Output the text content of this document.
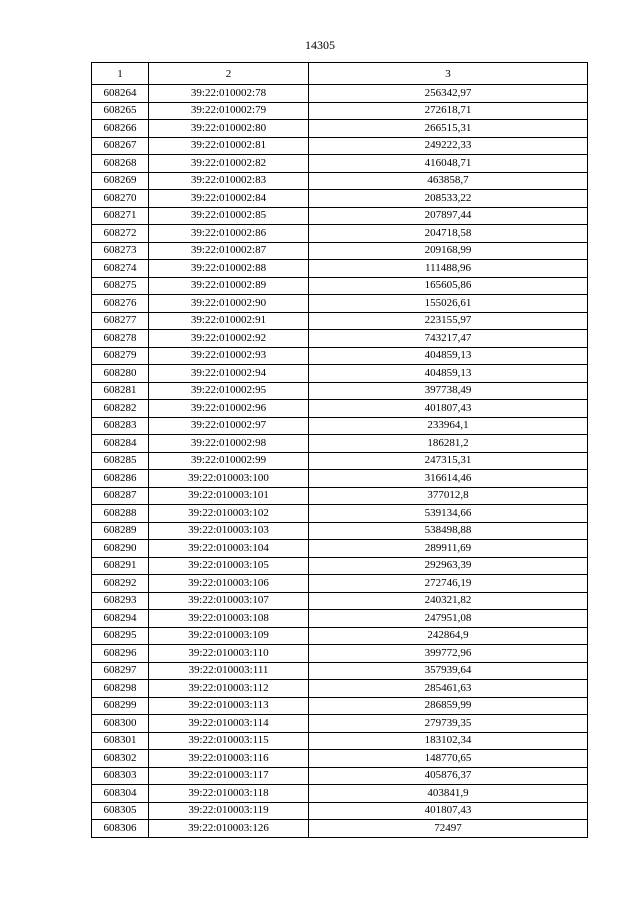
14305
1	2	3
608264	39:22:010002:78	256342,97
608265	39:22:010002:79	272618,71
608266	39:22:010002:80	266515,31
608267	39:22:010002:81	249222,33
608268	39:22:010002:82	416048,71
608269	39:22:010002:83	463858,7
608270	39:22:010002:84	208533,22
608271	39:22:010002:85	207897,44
608272	39:22:010002:86	204718,58
608273	39:22:010002:87	209168,99
608274	39:22:010002:88	111488,96
608275	39:22:010002:89	165605,86
608276	39:22:010002:90	155026,61
608277	39:22:010002:91	223155,97
608278	39:22:010002:92	743217,47
608279	39:22:010002:93	404859,13
608280	39:22:010002:94	404859,13
608281	39:22:010002:95	397738,49
608282	39:22:010002:96	401807,43
608283	39:22:010002:97	233964,1
608284	39:22:010002:98	186281,2
608285	39:22:010002:99	247315,31
608286	39:22:010003:100	316614,46
608287	39:22:010003:101	377012,8
608288	39:22:010003:102	539134,66
608289	39:22:010003:103	538498,88
608290	39:22:010003:104	289911,69
608291	39:22:010003:105	292963,39
608292	39:22:010003:106	272746,19
608293	39:22:010003:107	240321,82
608294	39:22:010003:108	247951,08
608295	39:22:010003:109	242864,9
608296	39:22:010003:110	399772,96
608297	39:22:010003:111	357939,64
608298	39:22:010003:112	285461,63
608299	39:22:010003:113	286859,99
608300	39:22:010003:114	279739,35
608301	39:22:010003:115	183102,34
608302	39:22:010003:116	148770,65
608303	39:22:010003:117	405876,37
608304	39:22:010003:118	403841,9
608305	39:22:010003:119	401807,43
608306	39:22:010003:126	72497
